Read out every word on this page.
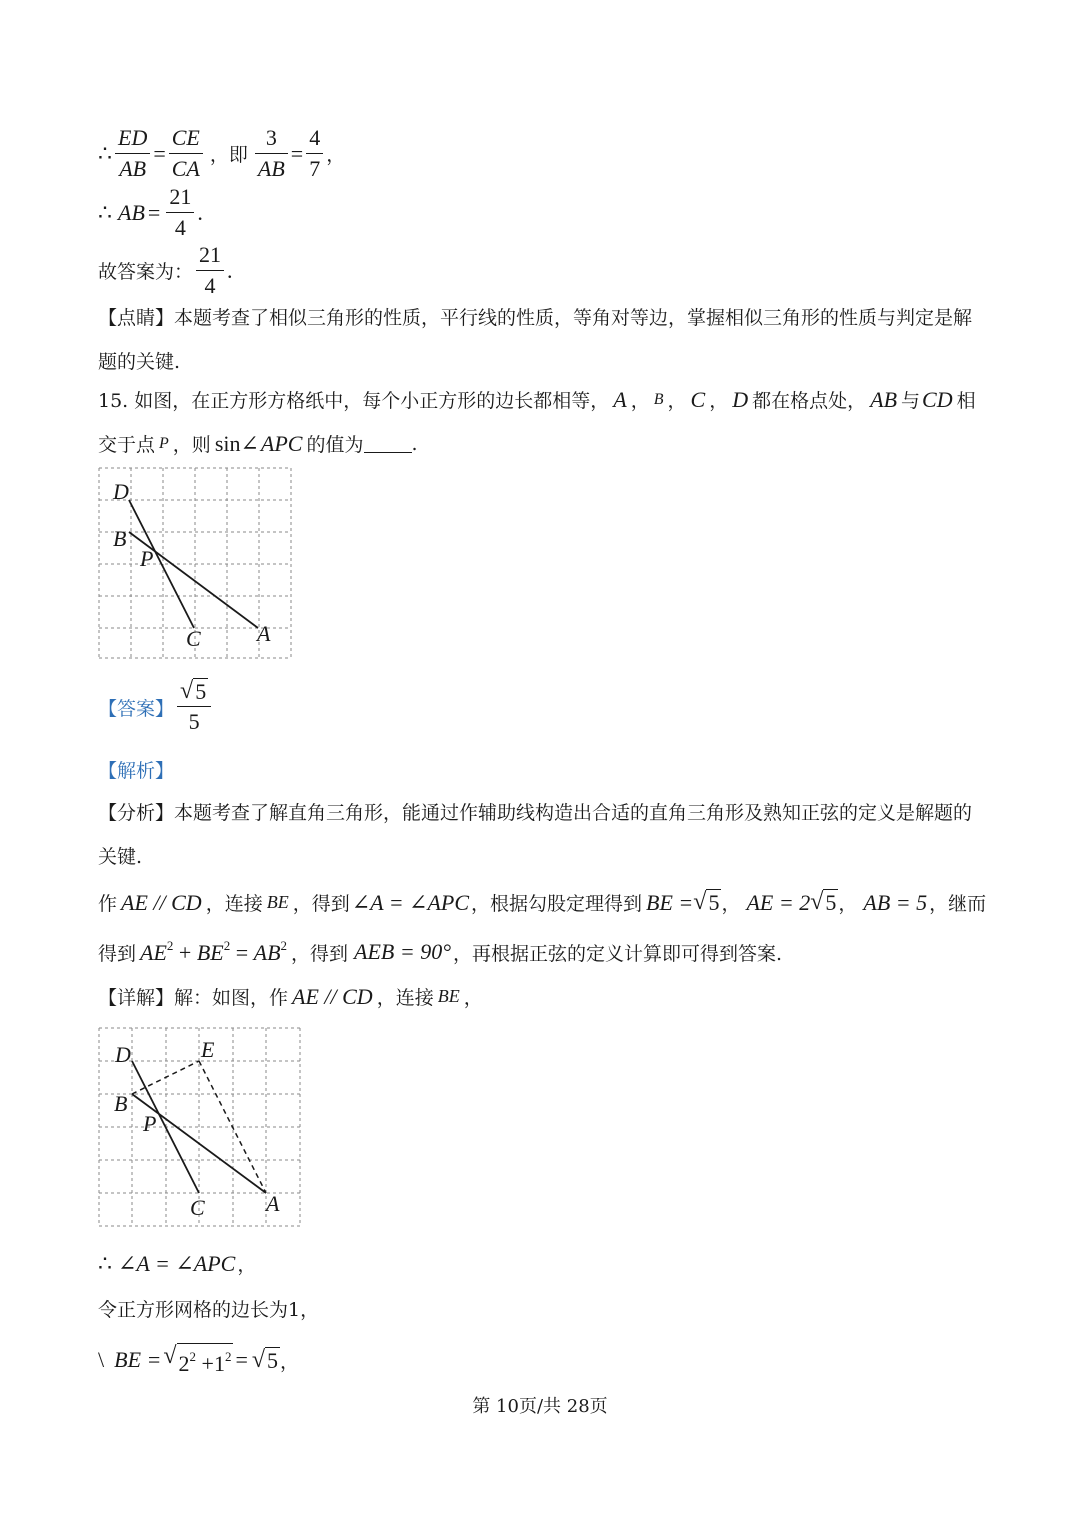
∴ $\frac{ED}{AB} = \frac{CE}{CA}$ ，即 $\frac{3}{AB} = \frac{4}{7}$ ，
∴ AB = $\frac{21}{4}$ .
故答案为： $\frac{21}{4}$ .
【点睛】本题考查了相似三角形的性质，平行线的性质，等角对等边，掌握相似三角形的性质与判定是解
题的关键.
15. 如图，在正方形方格纸中，每个小正方形的边长都相等， A ， B ， C ， D 都在格点处， AB 与 CD 相
交于点 P ，则 sin∠ APC 的值为	.
D
B
P
C	A
【答案】 $\frac{√ 5}{5}$
【解析】
【分析】本题考查了解直角三角形，能通过作辅助线构造出合适的直角三角形及熟知正弦的定义是解题的
关键.
作 AE // CD ，连接 BE ，得到 ∠A = ∠APC ，根据勾股定理得到 BE = √ 5 ， AE = 2 √ 5 ， AB = 5 ，继而
得到 $AE^2 + BE^2 = AB^2$ ，得到 AEB = 90° ，再根据正弦的定义计算即可得到答案.
【详解】解：如图，作 AE // CD ，连接 BE ，
D	E
B
P
C	A
∴ ∠A = ∠APC ，
令正方形网格的边长为1，
\ BE = √ $2^2 +1^2$ = √ 5 ，
第 10页/共 28页
